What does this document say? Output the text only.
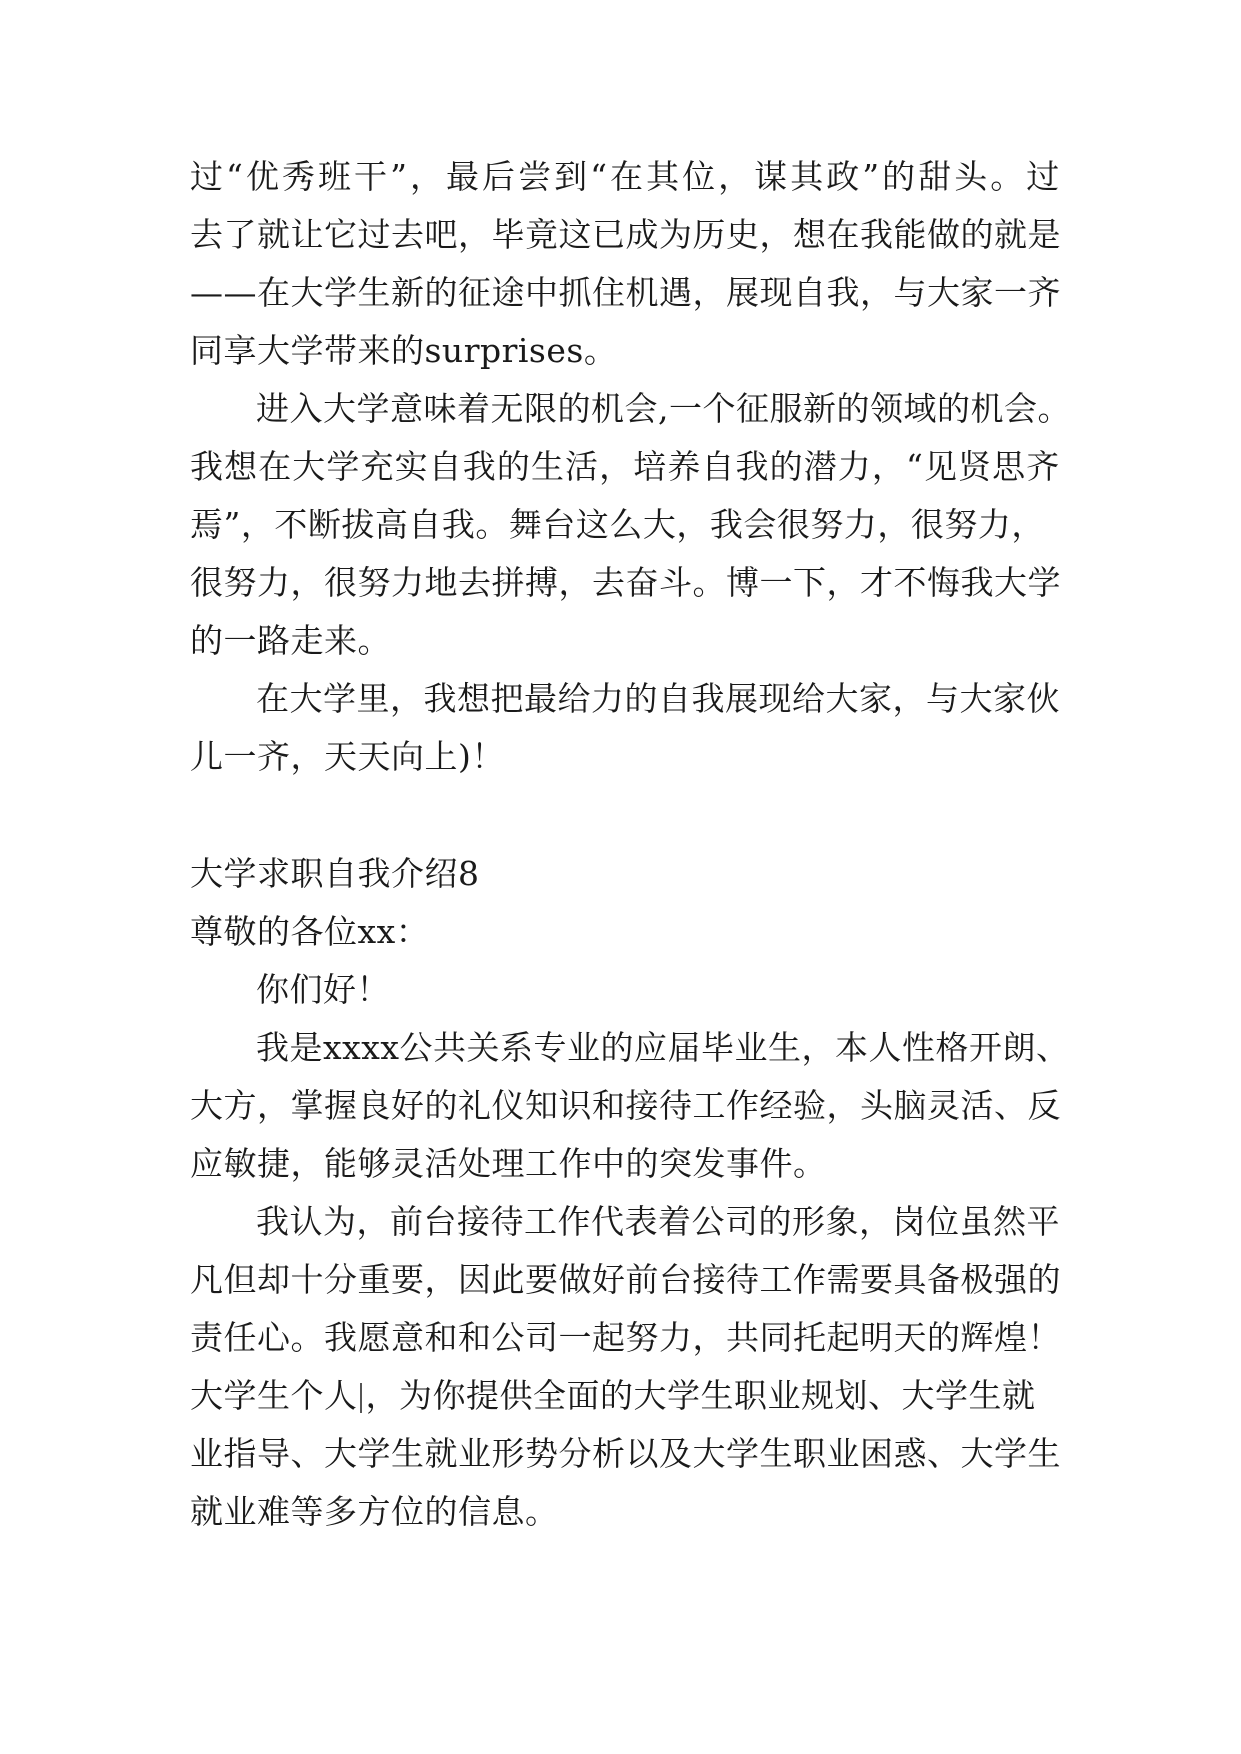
过 “ 优 秀 班 干 ” ， 最 后 尝 到 “ 在 其 位 ， 谋 其 政 ” 的 甜 头 。 过
去 了 就 让 它 过 去 吧 ， 毕 竟 这 已 成 为 历 史 ， 想 在 我 能 做 的 就 是
— — 在 大 学 生 新 的 征 途 中 抓 住 机 遇 ， 展 现 自 我 ， 与 大 家 一 齐
同享大学带来的surprises。
进入大学意味着无限的机会,一个征服新的领域的机会。
我 想 在 大 学 充 实 自 我 的 生 活 ， 培 养 自 我 的 潜 力 ， “ 见 贤 思 齐
焉”，不断拔高自我。舞台这么大，我会很努力，很努力，
很 努 力 ， 很 努 力 地 去 拼 搏 ， 去 奋 斗 。 博 一 下 ， 才 不 悔 我 大 学
的一路走来。
在大学里，我想把最给力的自我展现给大家，与大家伙
儿一齐，天天向上)！
大学求职自我介绍8
尊敬的各位xx：
你们好！
我是xxxx公共关系专业的应届毕业生，本人性格开朗、
大 方 ， 掌 握 良 好 的 礼 仪 知 识 和 接 待 工 作 经 验 ， 头 脑 灵 活 、 反
应敏捷，能够灵活处理工作中的突发事件。
我认为，前台接待工作代表着公司的形象，岗位虽然平
凡 但 却 十 分 重 要 ， 因 此 要 做 好 前 台 接 待 工 作 需 要 具 备 极 强 的
责 任 心 。 我 愿 意 和 和 公 司 一 起 努 力 ， 共 同 托 起 明 天 的 辉 煌 ！
大学生个人 ，为你提供全面的大学生职业规划、大学生就
业 指 导 、 大 学 生 就 业 形 势 分 析 以 及 大 学 生 职 业 困 惑 、 大 学 生
就业难等多方位的信息。
